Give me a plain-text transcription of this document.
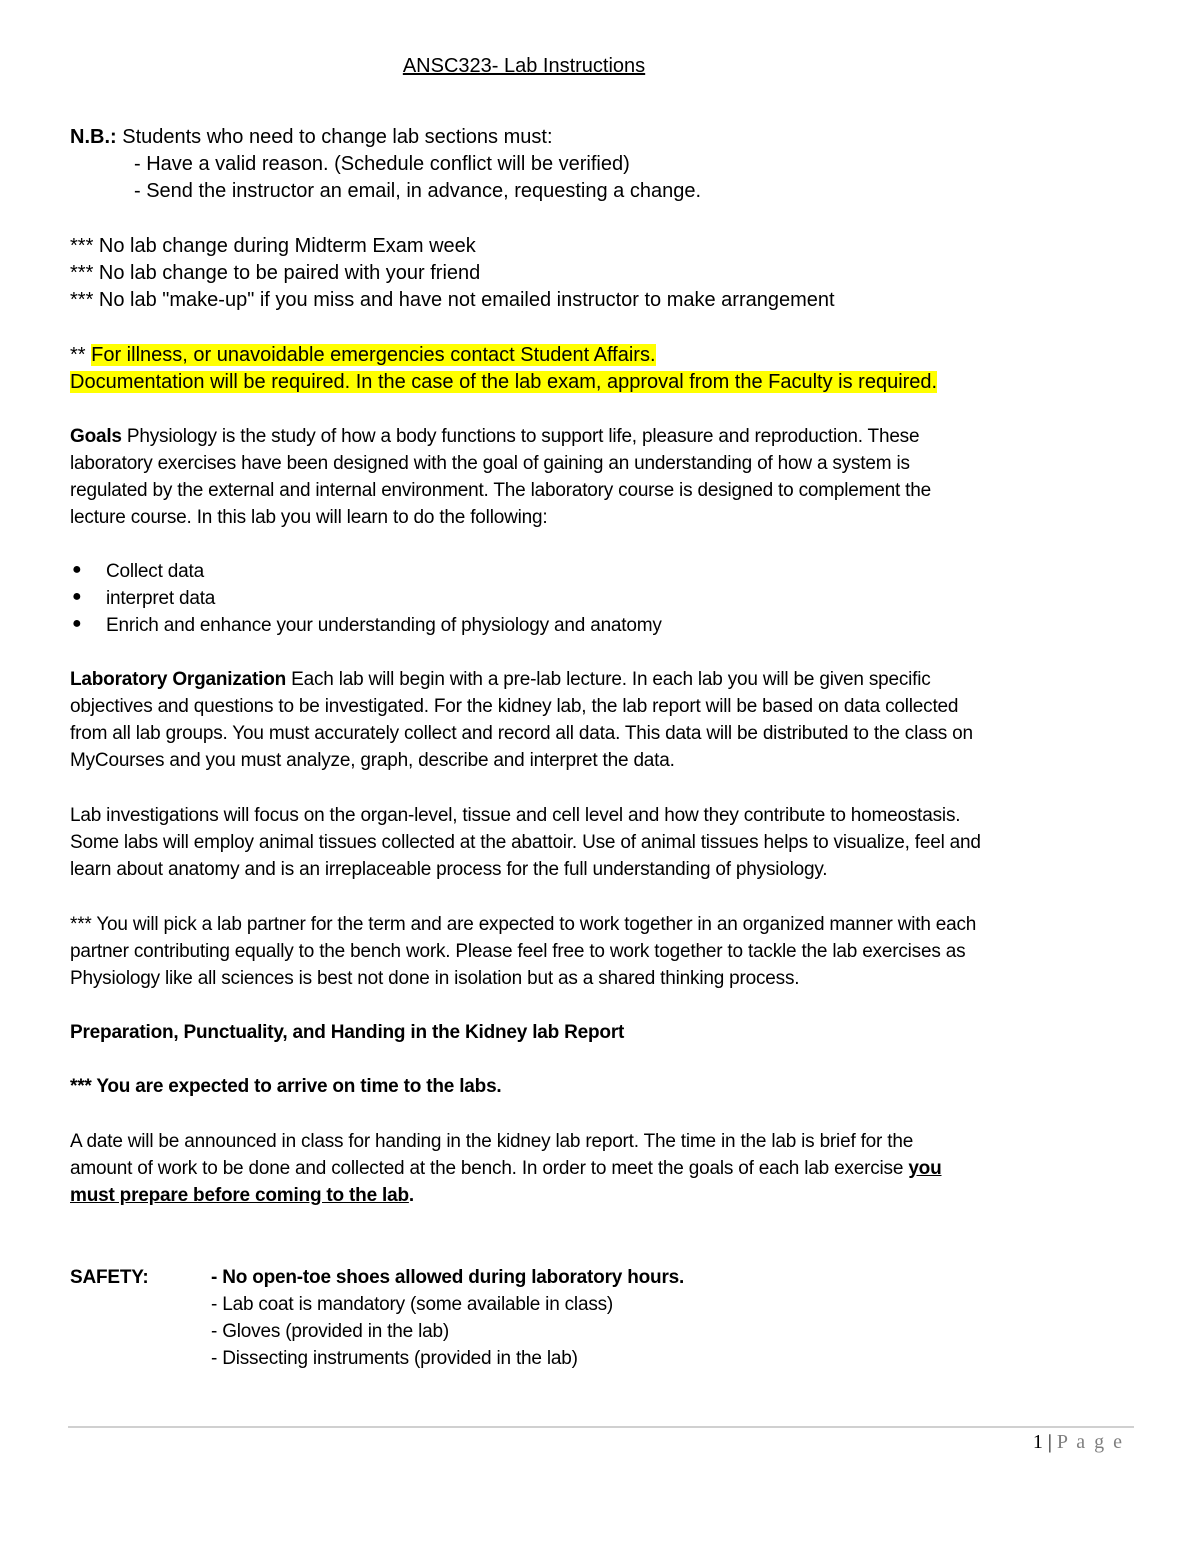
ANSC323- Lab Instructions
N.B.: Students who need to change lab sections must:
- Have a valid reason. (Schedule conflict will be verified)
- Send the instructor an email, in advance, requesting a change.
*** No lab change during Midterm Exam week
*** No lab change to be paired with your friend
*** No lab "make-up" if you miss and have not emailed instructor to make arrangement
** For illness, or unavoidable emergencies contact Student Affairs.
Documentation will be required. In the case of the lab exam, approval from the Faculty is required.
Goals Physiology is the study of how a body functions to support life, pleasure and reproduction. These
laboratory exercises have been designed with the goal of gaining an understanding of how a system is
regulated by the external and internal environment. The laboratory course is designed to complement the
lecture course. In this lab you will learn to do the following:
● Collect data
● interpret data
● Enrich and enhance your understanding of physiology and anatomy
Laboratory Organization Each lab will begin with a pre-lab lecture. In each lab you will be given specific
objectives and questions to be investigated. For the kidney lab, the lab report will be based on data collected
from all lab groups. You must accurately collect and record all data. This data will be distributed to the class on
MyCourses and you must analyze, graph, describe and interpret the data.
Lab investigations will focus on the organ-level, tissue and cell level and how they contribute to homeostasis.
Some labs will employ animal tissues collected at the abattoir. Use of animal tissues helps to visualize, feel and
learn about anatomy and is an irreplaceable process for the full understanding of physiology.
*** You will pick a lab partner for the term and are expected to work together in an organized manner with each
partner contributing equally to the bench work. Please feel free to work together to tackle the lab exercises as
Physiology like all sciences is best not done in isolation but as a shared thinking process.
Preparation, Punctuality, and Handing in the Kidney lab Report
*** You are expected to arrive on time to the labs.
A date will be announced in class for handing in the kidney lab report. The time in the lab is brief for the
amount of work to be done and collected at the bench. In order to meet the goals of each lab exercise you
must prepare before coming to the lab.
SAFETY:	- No open-toe shoes allowed during laboratory hours.
- Lab coat is mandatory (some available in class)
- Gloves (provided in the lab)
- Dissecting instruments (provided in the lab)
1 | P a g e
